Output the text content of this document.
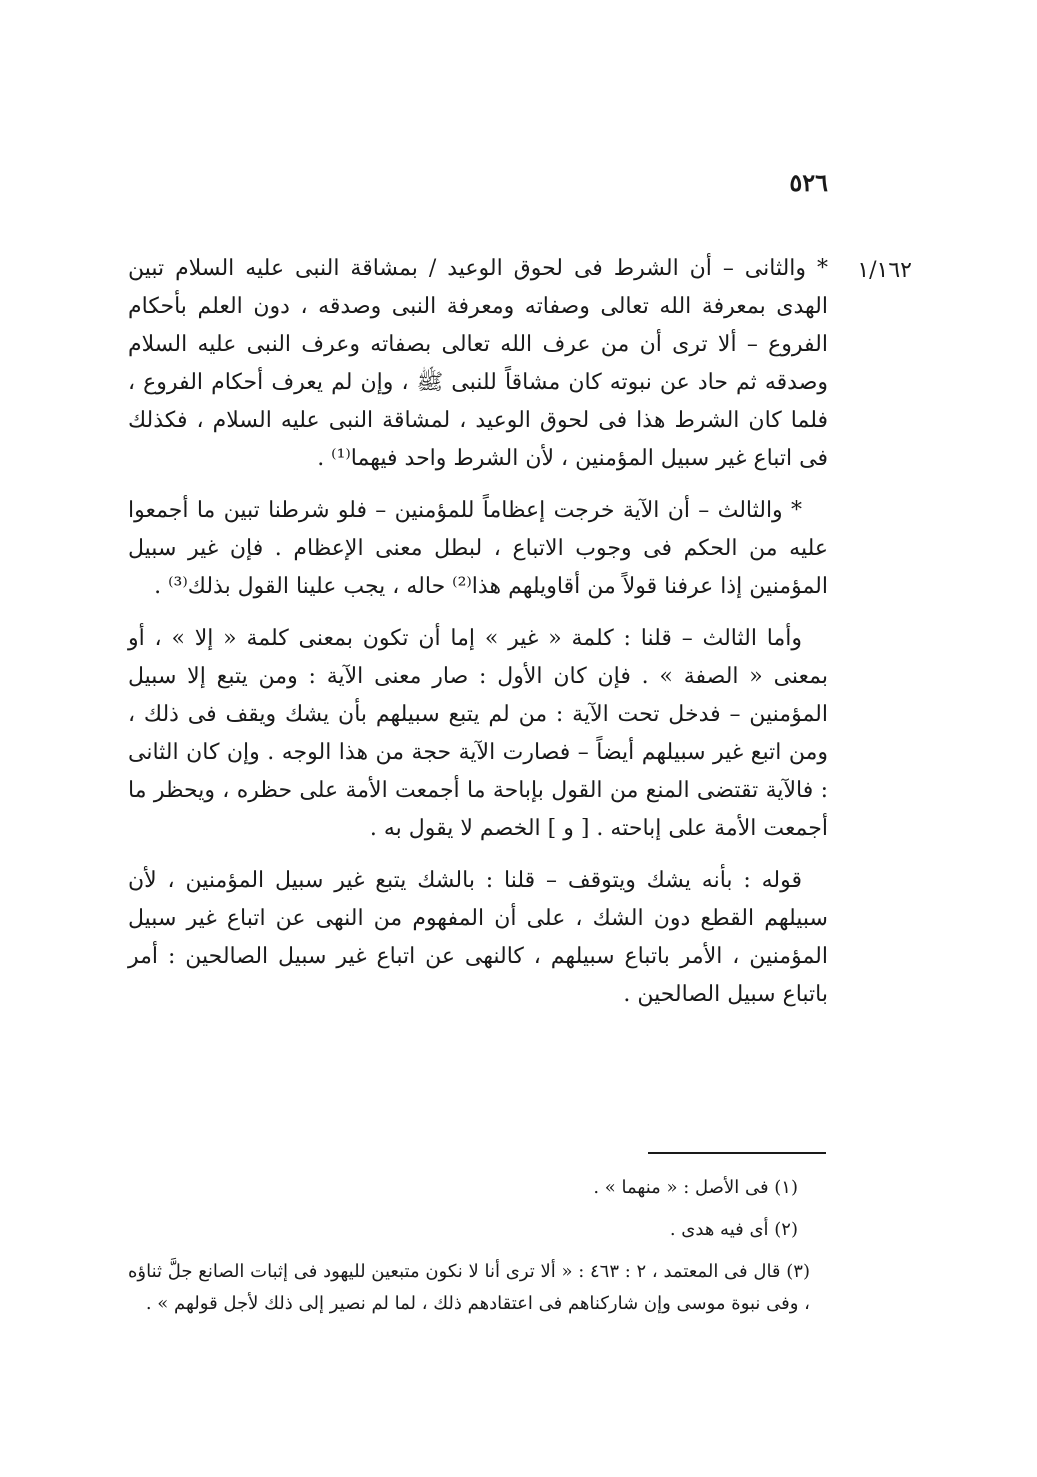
٥٢٦
١/١٦٢

* والثانى – أن الشرط فى لحوق الوعيد / بمشاقة النبى عليه السلام تبين الهدى بمعرفة الله تعالى وصفاته ومعرفة النبى وصدقه ، دون العلم بأحكام الفروع – ألا ترى أن من عرف الله تعالى بصفاته وعرف النبى عليه السلام وصدقه ثم حاد عن نبوته كان مشاقاً للنبى ﷺ ، وإن لم يعرف أحكام الفروع ، فلما كان الشرط هذا فى لحوق الوعيد ، لمشاقة النبى عليه السلام ، فكذلك فى اتباع غير سبيل المؤمنين ، لأن الشرط واحد فيهما⁽¹⁾ .

* والثالث – أن الآية خرجت إعظاماً للمؤمنين – فلو شرطنا تبين ما أجمعوا عليه من الحكم فى وجوب الاتباع ، لبطل معنى الإعظام . فإن غير سبيل المؤمنين إذا عرفنا قولاً من أقاويلهم هذا⁽²⁾ حاله ، يجب علينا القول بذلك⁽³⁾ .

وأما الثالث – قلنا : كلمة « غير » إما أن تكون بمعنى كلمة « إلا » ، أو بمعنى « الصفة » . فإن كان الأول : صار معنى الآية : ومن يتبع إلا سبيل المؤمنين – فدخل تحت الآية : من لم يتبع سبيلهم بأن يشك ويقف فى ذلك ، ومن اتبع غير سبيلهم أيضاً – فصارت الآية حجة من هذا الوجه . وإن كان الثانى : فالآية تقتضى المنع من القول بإباحة ما أجمعت الأمة على حظره ، ويحظر ما أجمعت الأمة على إباحته . [ و ] الخصم لا يقول به .

قوله : بأنه يشك ويتوقف – قلنا : بالشك يتبع غير سبيل المؤمنين ، لأن سبيلهم القطع دون الشك ، على أن المفهوم من النهى عن اتباع غير سبيل المؤمنين ، الأمر باتباع سبيلهم ، كالنهى عن اتباع غير سبيل الصالحين : أمر باتباع سبيل الصالحين .

(١) فى الأصل : « منهما » .

(٢) أى فيه هدى .

(٣) قال فى المعتمد ، ٢ : ٤٦٣ : « ألا ترى أنا لا نكون متبعين لليهود فى إثبات الصانع جلَّ ثناؤه ، وفى نبوة موسى وإن شاركناهم فى اعتقادهم ذلك ، لما لم نصير إلى ذلك لأجل قولهم » .
